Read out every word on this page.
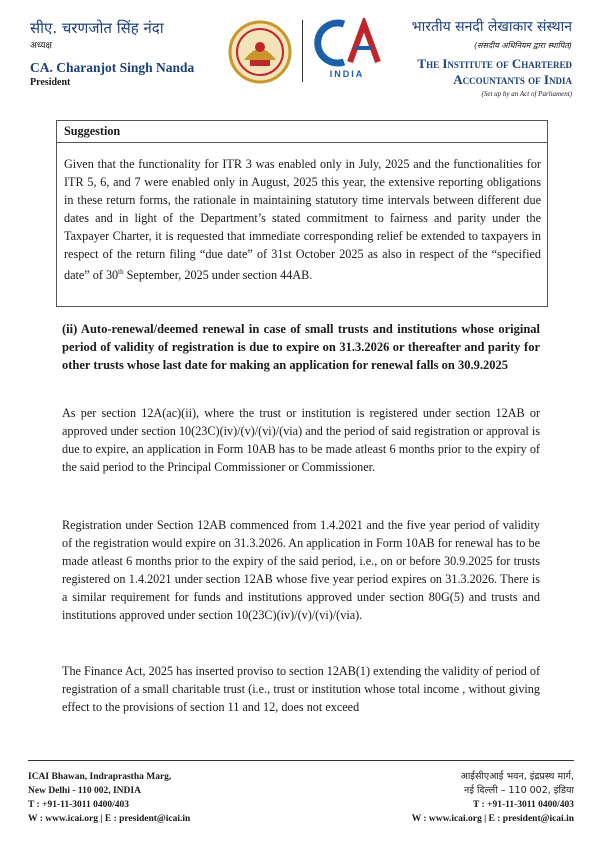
सीए. चरणजोत सिंह नंदा
अध्यक्ष
CA. Charanjot Singh Nanda
President
INDIA
भारतीय सनदी लेखाकार संस्थान
(संसदीय अधिनियम द्वारा स्थापित)
The Institute of Chartered
Accountants of India
(Set up by an Act of Parliament)
Suggestion

Given that the functionality for ITR 3 was enabled only in July, 2025 and the functionalities for ITR 5, 6, and 7 were enabled only in August, 2025 this year, the extensive reporting obligations in these return forms, the rationale in maintaining statutory time intervals between different due dates and in light of the Department’s stated commitment to fairness and parity under the Taxpayer Charter, it is requested that immediate corresponding relief be extended to taxpayers in respect of the return filing “due date” of 31st October 2025 as also in respect of the “specified date” of 30th September, 2025 under section 44AB.

(ii) Auto-renewal/deemed renewal in case of small trusts and institutions whose original period of validity of registration is due to expire on 31.3.2026 or thereafter and parity for other trusts whose last date for making an application for renewal falls on 30.9.2025

As per section 12A(ac)(ii), where the trust or institution is registered under section 12AB or approved under section 10(23C)(iv)/(v)/(vi)/(via) and the period of said registration or approval is due to expire, an application in Form 10AB has to be made atleast 6 months prior to the expiry of the said period to the Principal Commissioner or Commissioner.

Registration under Section 12AB commenced from 1.4.2021 and the five year period of validity of the registration would expire on 31.3.2026. An application in Form 10AB for renewal has to be made atleast 6 months prior to the expiry of the said period, i.e., on or before 30.9.2025 for trusts registered on 1.4.2021 under section 12AB whose five year period expires on 31.3.2026. There is a similar requirement for funds and institutions approved under section 80G(5) and trusts and institutions approved under section 10(23C)(iv)/(v)/(vi)/(via).

The Finance Act, 2025 has inserted proviso to section 12AB(1) extending the validity of period of registration of a small charitable trust (i.e., trust or institution whose total income , without giving effect to the provisions of section 11 and 12, does not exceed

ICAI Bhawan, Indraprastha Marg,
New Delhi - 110 002, INDIA
T : +91-11-3011 0400/403
W : www.icai.org | E : president@icai.in
आईसीएआई भवन, इंद्रप्रस्थ मार्ग,
नई दिल्ली – 110 002, इंडिया
T : +91-11-3011 0400/403
W : www.icai.org | E : president@icai.in
